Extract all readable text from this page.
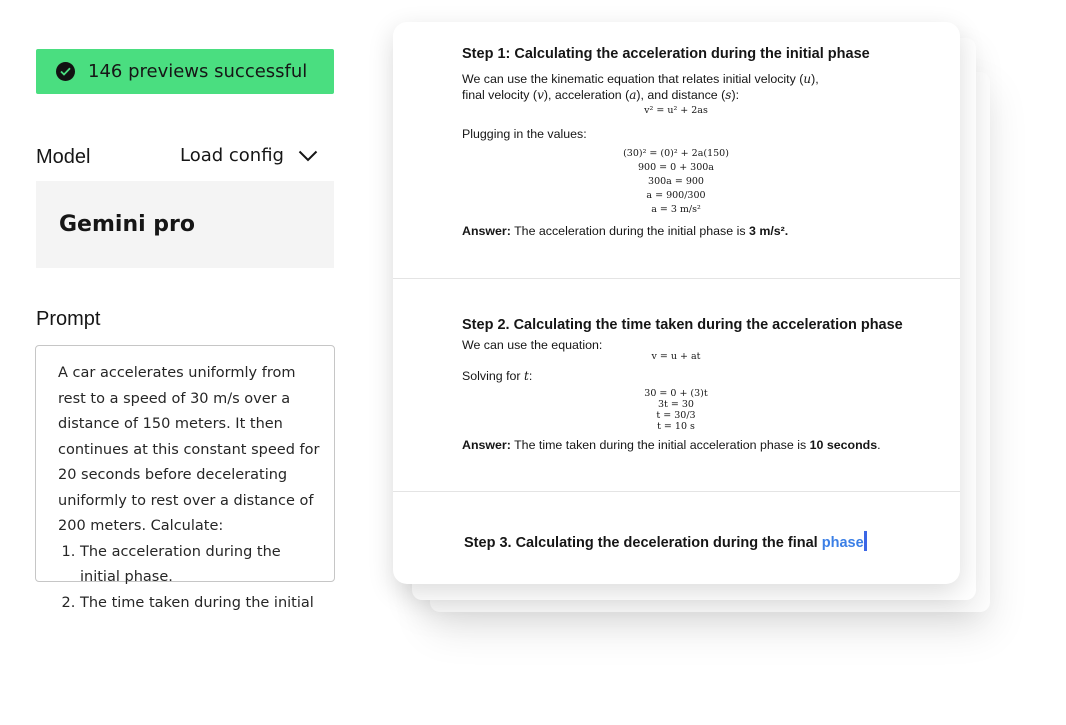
146 previews successful
Model	Load config
Gemini pro
Prompt

A car accelerates uniformly from rest to a speed of 30 m/s over a distance of 150 meters. It then continues at this constant speed for 20 seconds before decelerating uniformly to rest over a distance of 200 meters. Calculate:

1. The acceleration during the initial phase.
2. The time taken during the initial

Step 1: Calculating the acceleration during the initial phase

We can use the kinematic equation that relates initial velocity (u),
final velocity (v), acceleration (a), and distance (s):

v² = u² + 2as

Plugging in the values:

(30)² = (0)² + 2a(150)
900 = 0 + 300a
300a = 900
a = 900/300
a = 3 m/s²

Answer: The acceleration during the initial phase is 3 m/s².

Step 2. Calculating the time taken during the acceleration phase

We can use the equation:

v = u + at

Solving for t:

30 = 0 + (3)t
3t = 30
t = 30/3
t = 10 s

Answer: The time taken during the initial acceleration phase is 10 seconds.

Step 3. Calculating the deceleration during the final phase
